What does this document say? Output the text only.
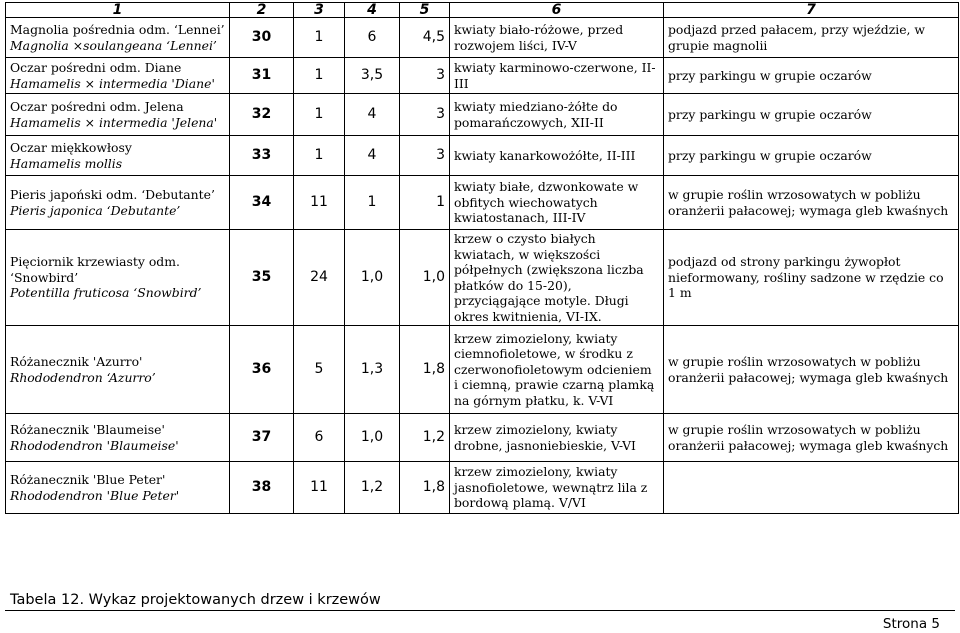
1	2	3	4	5	6	7

Magnolia pośrednia odm. ‘Lennei’
Magnolia ×soulangeana ‘Lennei’	30	1	6	4,5	kwiaty biało-różowe, przed rozwojem liści, IV-V	podjazd przed pałacem, przy wjeździe, w grupie magnolii

Oczar pośredni odm. Diane
Hamamelis × intermedia 'Diane'	31	1	3,5	3	kwiaty karminowo-czerwone, II-III	przy parkingu w grupie oczarów

Oczar pośredni odm. Jelena
Hamamelis × intermedia 'Jelena'	32	1	4	3	kwiaty miedziano-żółte do pomarańczowych, XII-II	przy parkingu w grupie oczarów

Oczar miękkowłosy
Hamamelis mollis	33	1	4	3	kwiaty kanarkowożółte, II-III	przy parkingu w grupie oczarów

Pieris japoński odm. ‘Debutante’
Pieris japonica ‘Debutante’	34	11	1	1	kwiaty białe, dzwonkowate w obfitych wiechowatych kwiatostanach, III-IV	w grupie roślin wrzosowatych w pobliżu oranżerii pałacowej; wymaga gleb kwaśnych

Pięciornik krzewiasty odm. ‘Snowbird’
Potentilla fruticosa ‘Snowbird’	35	24	1,0	1,0	krzew o czysto białych kwiatach, w większości półpełnych (zwiększona liczba płatków do 15-20), przyciągające motyle. Długi okres kwitnienia, VI-IX.	podjazd od strony parkingu żywopłot nieformowany, rośliny sadzone w rzędzie co 1 m

Różanecznik 'Azurro'
Rhododendron ‘Azurro’	36	5	1,3	1,8	krzew zimozielony, kwiaty ciemnofioletowe, w środku z czerwonofioletowym odcieniem i ciemną, prawie czarną plamką na górnym płatku, k. V-VI	w grupie roślin wrzosowatych w pobliżu oranżerii pałacowej; wymaga gleb kwaśnych

Różanecznik 'Blaumeise'
Rhododendron 'Blaumeise'	37	6	1,0	1,2	krzew zimozielony, kwiaty drobne, jasnoniebieskie, V-VI	w grupie roślin wrzosowatych w pobliżu oranżerii pałacowej; wymaga gleb kwaśnych

Różanecznik 'Blue Peter'
Rhododendron 'Blue Peter'	38	11	1,2	1,8	krzew zimozielony, kwiaty jasnofioletowe, wewnątrz lila z bordową plamą. V/VI	
Tabela 12. Wykaz projektowanych drzew i krzewów
Strona 5
